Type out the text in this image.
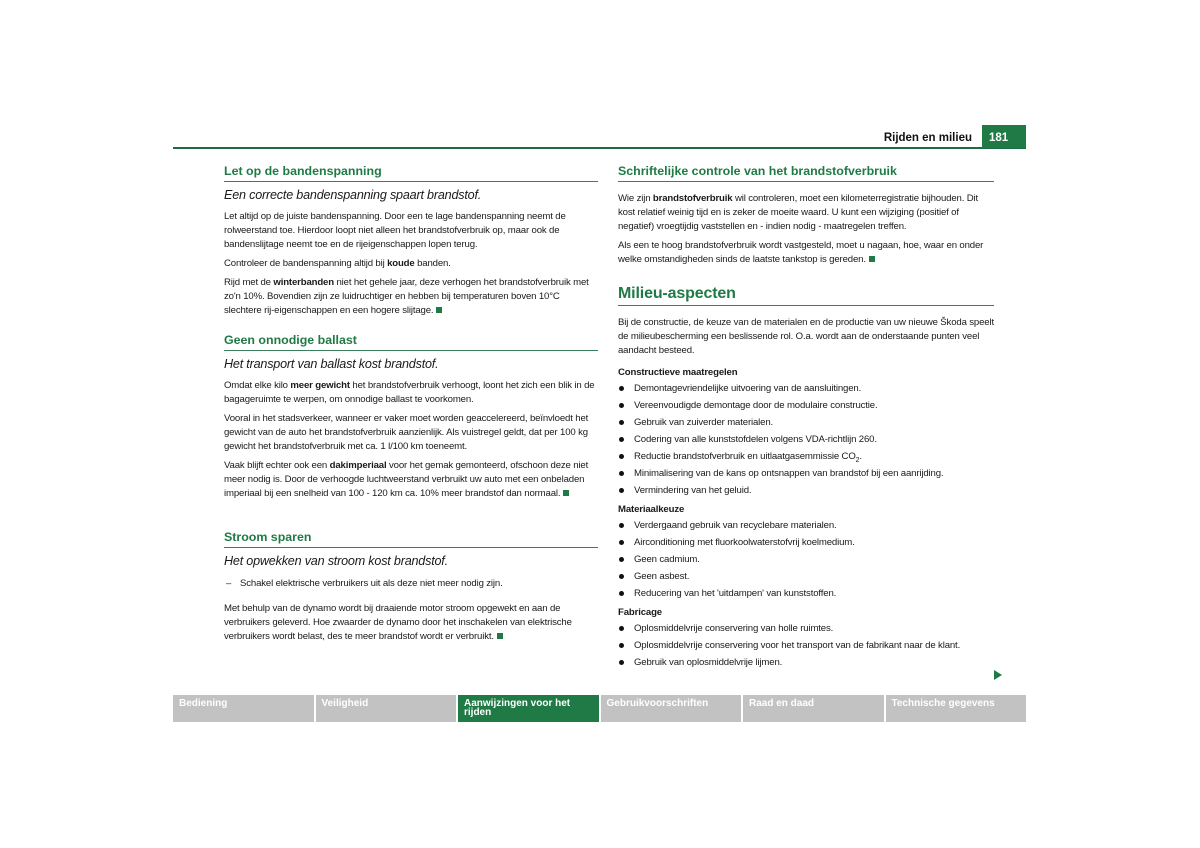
Rijden en milieu	181
Let op de bandenspanning
Een correcte bandenspanning spaart brandstof.

Let altijd op de juiste bandenspanning. Door een te lage bandenspanning neemt de rolweerstand toe. Hierdoor loopt niet alleen het brandstofverbruik op, maar ook de bandenslijtage neemt toe en de rijeigenschappen lopen terug.

Controleer de bandenspanning altijd bij koude banden.

Rijd met de winterbanden niet het gehele jaar, deze verhogen het brandstofverbruik met zo'n 10%. Bovendien zijn ze luidruchtiger en hebben bij temperaturen boven 10°C slechtere rij-eigenschappen en een hogere slijtage.

Geen onnodige ballast
Het transport van ballast kost brandstof.

Omdat elke kilo meer gewicht het brandstofverbruik verhoogt, loont het zich een blik in de bagageruimte te werpen, om onnodige ballast te voorkomen.

Vooral in het stadsverkeer, wanneer er vaker moet worden geaccelereerd, beïnvloedt het gewicht van de auto het brandstofverbruik aanzienlijk. Als vuistregel geldt, dat per 100 kg gewicht het brandstofverbruik met ca. 1 l/100 km toeneemt.

Vaak blijft echter ook een dakimperiaal voor het gemak gemonteerd, ofschoon deze niet meer nodig is. Door de verhoogde luchtweerstand verbruikt uw auto met een onbeladen imperiaal bij een snelheid van 100 - 120 km ca. 10% meer brandstof dan normaal.

Stroom sparen
Het opwekken van stroom kost brandstof.

– Schakel elektrische verbruikers uit als deze niet meer nodig zijn.

Met behulp van de dynamo wordt bij draaiende motor stroom opgewekt en aan de verbruikers geleverd. Hoe zwaarder de dynamo door het inschakelen van elektrische verbruikers wordt belast, des te meer brandstof wordt er verbruikt.

Schriftelijke controle van het brandstofverbruik

Wie zijn brandstofverbruik wil controleren, moet een kilometerregistratie bijhouden. Dit kost relatief weinig tijd en is zeker de moeite waard. U kunt een wijziging (positief of negatief) vroegtijdig vaststellen en - indien nodig - maatregelen treffen.

Als een te hoog brandstofverbruik wordt vastgesteld, moet u nagaan, hoe, waar en onder welke omstandigheden sinds de laatste tankstop is gereden.

Milieu-aspecten

Bij de constructie, de keuze van de materialen en de productie van uw nieuwe Škoda speelt de milieubescherming een beslissende rol. O.a. wordt aan de onderstaande punten veel aandacht besteed.

Constructieve maatregelen
Demontagevriendelijke uitvoering van de aansluitingen.
Vereenvoudigde demontage door de modulaire constructie.
Gebruik van zuiverder materialen.
Codering van alle kunststofdelen volgens VDA-richtlijn 260.
Reductie brandstofverbruik en uitlaatgasemmissie $CO_2$.
Minimalisering van de kans op ontsnappen van brandstof bij een aanrijding.
Vermindering van het geluid.
Materiaalkeuze
Verdergaand gebruik van recyclebare materialen.
Airconditioning met fluorkoolwaterstofvrij koelmedium.
Geen cadmium.
Geen asbest.
Reducering van het 'uitdampen' van kunststoffen.
Fabricage
Oplosmiddelvrije conservering van holle ruimtes.
Oplosmiddelvrije conservering voor het transport van de fabrikant naar de klant.
Gebruik van oplosmiddelvrije lijmen.
Bediening	Veiligheid	Aanwijzingen voor het rijden
Gebruikvoorschriften	Raad en daad	Technische gegevens
